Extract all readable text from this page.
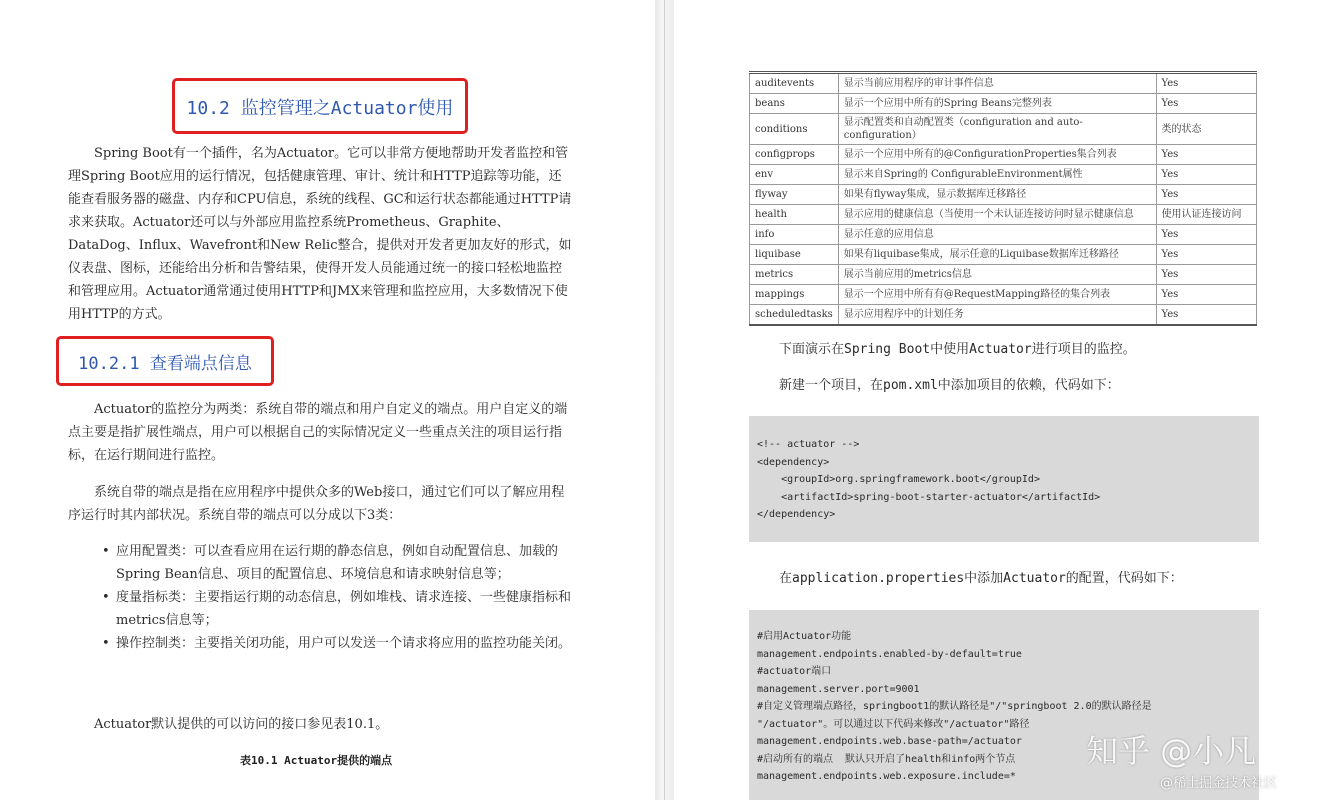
10.2 监控管理之Actuator使用

Spring Boot有一个插件，名为Actuator。它可以非常方便地帮助开发者监控和管理Spring Boot应用的运行情况，包括健康管理、审计、统计和HTTP追踪等功能，还能查看服务器的磁盘、内存和CPU信息，系统的线程、GC和运行状态都能通过HTTP请求来获取。Actuator还可以与外部应用监控系统Prometheus、Graphite、DataDog、Influx、Wavefront和New Relic整合，提供对开发者更加友好的形式，如仪表盘、图标，还能给出分析和告警结果，使得开发人员能通过统一的接口轻松地监控和管理应用。Actuator通常通过使用HTTP和JMX来管理和监控应用，大多数情况下使用HTTP的方式。

10.2.1 查看端点信息

Actuator的监控分为两类：系统自带的端点和用户自定义的端点。用户自定义的端点主要是指扩展性端点，用户可以根据自己的实际情况定义一些重点关注的项目运行指标，在运行期间进行监控。

系统自带的端点是指在应用程序中提供众多的Web接口，通过它们可以了解应用程序运行时其内部状况。系统自带的端点可以分成以下3类：

• 应用配置类：可以查看应用在运行期的静态信息，例如自动配置信息、加载的Spring Bean信息、项目的配置信息、环境信息和请求映射信息等；
• 度量指标类：主要指运行期的动态信息，例如堆栈、请求连接、一些健康指标和metrics信息等；
• 操作控制类：主要指关闭功能，用户可以发送一个请求将应用的监控功能关闭。

Actuator默认提供的可以访问的接口参见表10.1。

表10.1 Actuator提供的端点
auditevents	显示当前应用程序的审计事件信息	Yes
beans	显示一个应用中所有的Spring Beans完整列表	Yes
conditions	显示配置类和自动配置类（configuration and auto-configuration）	类的状态
configprops	显示一个应用中所有的@ConfigurationProperties集合列表	Yes
env	显示来自Spring的 ConfigurableEnvironment属性	Yes
flyway	如果有flyway集成，显示数据库迁移路径	Yes
health	显示应用的健康信息（当使用一个未认证连接访问时显示健康信息	使用认证连接访问
info	显示任意的应用信息	Yes
liquibase	如果有liquibase集成，展示任意的Liquibase数据库迁移路径	Yes
metrics	展示当前应用的metrics信息	Yes
mappings	显示一个应用中所有有@RequestMapping路径的集合列表	Yes
scheduledtasks	显示应用程序中的计划任务	Yes
下面演示在Spring Boot中使用Actuator进行项目的监控。
新建一个项目，在pom.xml中添加项目的依赖，代码如下：
<!-- actuator -->
<dependency>
<groupId>org.springframework.boot</groupId>
<artifactId>spring-boot-starter-actuator</artifactId>
</dependency>
在application.properties中添加Actuator的配置，代码如下：
#启用Actuator功能
management.endpoints.enabled-by-default=true
#actuator端口
management.server.port=9001
#自定义管理端点路径，springboot1的默认路径是"/"springboot 2.0的默认路径是
"/actuator"。可以通过以下代码来修改"/actuator"路径
management.endpoints.web.base-path=/actuator
#启动所有的端点  默认只开启了health和info两个节点
management.endpoints.web.exposure.include=*
知乎 @小凡
@稀土掘金技术社区
